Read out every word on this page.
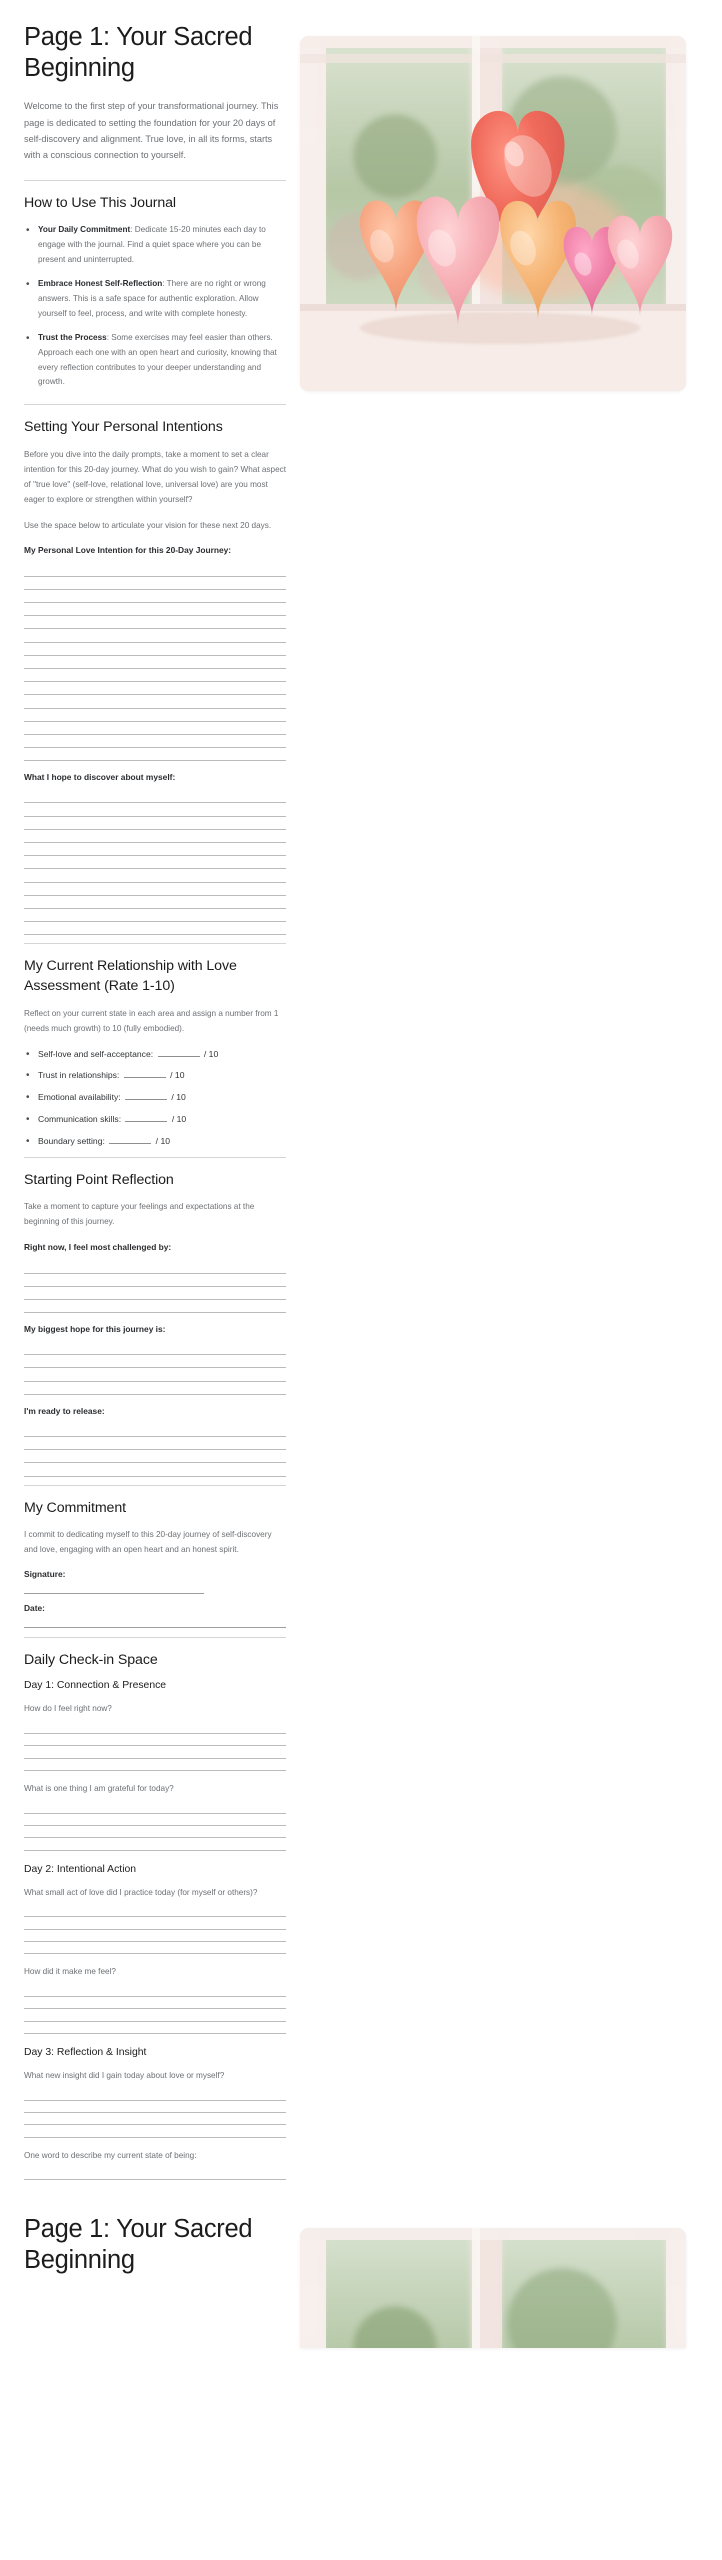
Page 1: Your Sacred Beginning

Welcome to the first step of your transformational journey. This page is dedicated to setting the foundation for your 20 days of self-discovery and alignment. True love, in all its forms, starts with a conscious connection to yourself.

How to Use This Journal
• Your Daily Commitment: Dedicate 15-20 minutes each day to engage with the journal. Find a quiet space where you can be present and uninterrupted.
• Embrace Honest Self-Reflection: There are no right or wrong answers. This is a safe space for authentic exploration. Allow yourself to feel, process, and write with complete honesty.
• Trust the Process: Some exercises may feel easier than others. Approach each one with an open heart and curiosity, knowing that every reflection contributes to your deeper understanding and growth.
Setting Your Personal Intentions

Before you dive into the daily prompts, take a moment to set a clear intention for this 20-day journey. What do you wish to gain? What aspect of "true love" (self-love, relational love, universal love) are you most eager to explore or strengthen within yourself?

Use the space below to articulate your vision for these next 20 days.

My Personal Love Intention for this 20-Day Journey:
What I hope to discover about myself:
My Current Relationship with Love Assessment (Rate 1-10)

Reflect on your current state in each area and assign a number from 1 (needs much growth) to 10 (fully embodied).

• Self-love and self-acceptance:	/ 10
• Trust in relationships:	/ 10
• Emotional availability:	/ 10
• Communication skills:	/ 10
• Boundary setting:	/ 10
Starting Point Reflection

Take a moment to capture your feelings and expectations at the beginning of this journey.

Right now, I feel most challenged by:
My biggest hope for this journey is:
I'm ready to release:
My Commitment

I commit to dedicating myself to this 20-day journey of self-discovery and love, engaging with an open heart and an honest spirit.

Signature:
Date:
Daily Check-in Space
Day 1: Connection & Presence
How do I feel right now?
What is one thing I am grateful for today?
Day 2: Intentional Action
What small act of love did I practice today (for myself or others)?
How did it make me feel?
Day 3: Reflection & Insight
What new insight did I gain today about love or myself?
One word to describe my current state of being:
Page 1: Your Sacred Beginning
